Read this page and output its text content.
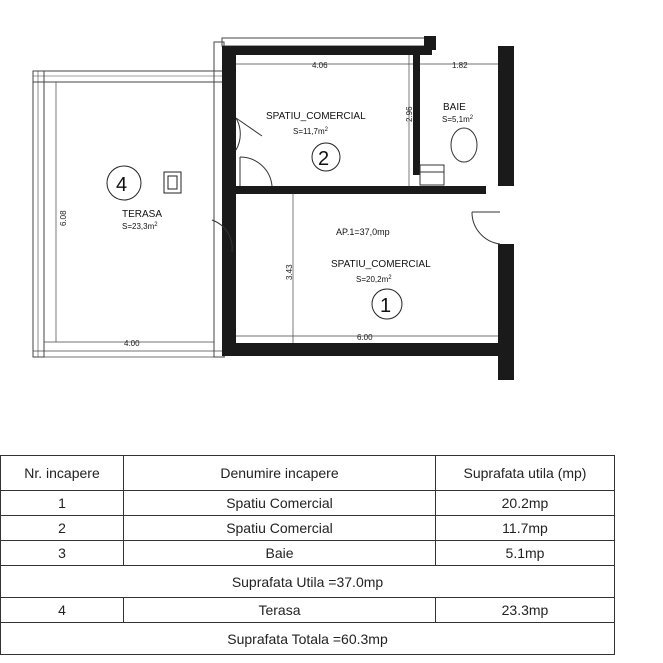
4.06	1.82
2.96
6.08
4.00
3.43
6.00
SPATIU_COMERCIAL
$S=11,7m^2$
2
BAIE
$S=5,1m^2$
AP.1=37,0mp
SPATIU_COMERCIAL
$S=20,2m^2$
1
4
TERASA
$S=23,3m^2$
Nr. incapere	Denumire incapere	Suprafata utila (mp)
1	Spatiu Comercial	20.2mp
2	Spatiu Comercial	11.7mp
3	Baie	5.1mp
Suprafata Utila =37.0mp		
4	Terasa	23.3mp
Suprafata Totala =60.3mp		
